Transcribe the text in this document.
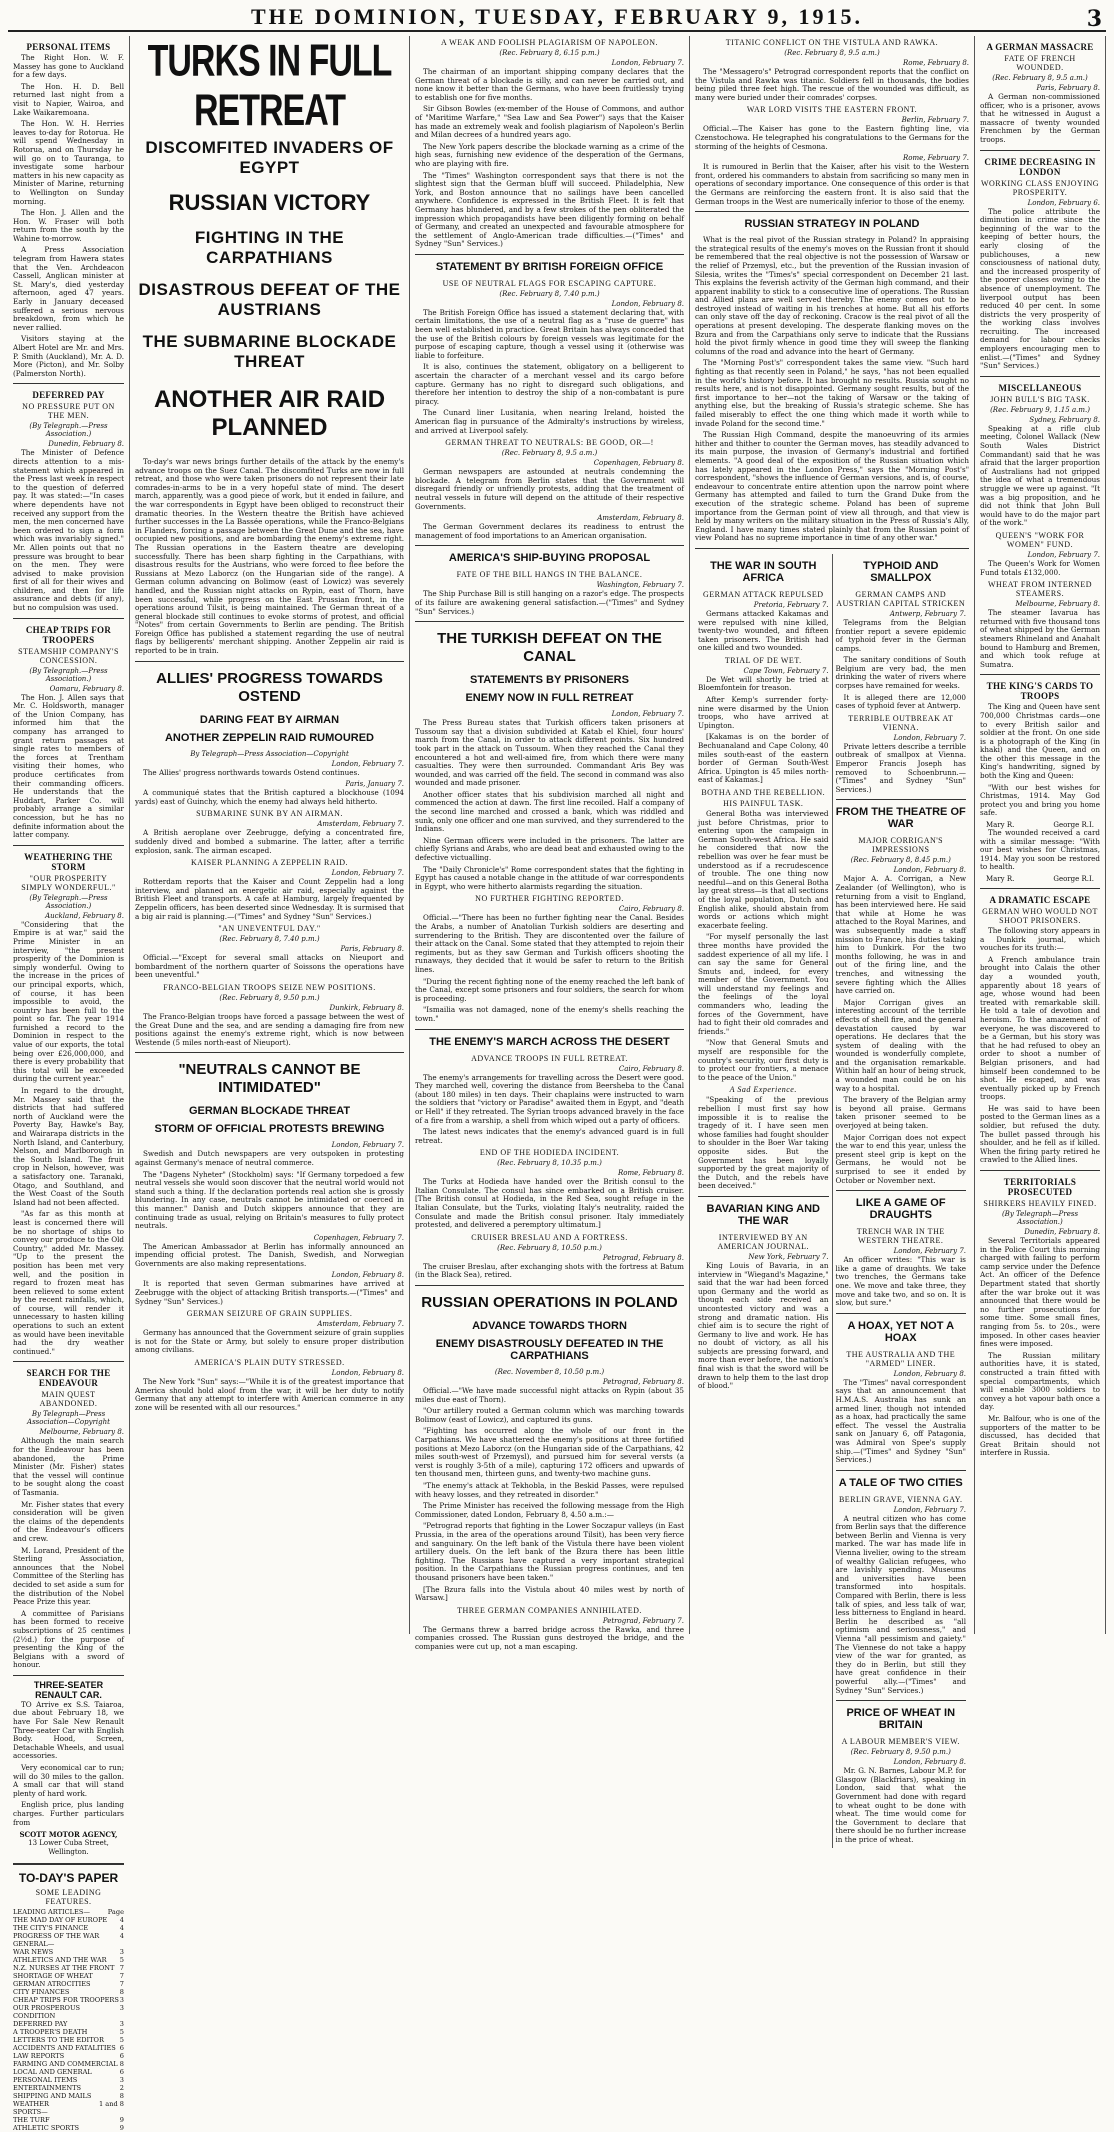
THE DOMINION, TUESDAY, FEBRUARY 9, 1915.	3
PERSONAL ITEMS

The Right Hon. W. F. Massey has gone to Auckland for a few days.

The Hon. H. D. Bell returned last night from a visit to Napier, Wairoa, and Lake Waikaremoana.

The Hon. W. H. Herries leaves to-day for Rotorua. He will spend Wednesday in Rotorua, and on Thursday he will go on to Tauranga, to investigate some harbour matters in his new capacity as Minister of Marine, returning to Wellington on Sunday morning.

The Hon. J. Allen and the Hon. W. Fraser will both return from the south by the Wahine to-morrow.

A Press Association telegram from Hawera states that the Ven. Archdeacon Cassell, Anglican minister at St. Mary's, died yesterday afternoon, aged 47 years. Early in January deceased suffered a serious nervous breakdown, from which he never rallied.

Visitors staying at the Albert Hotel are Mr. and Mrs. P. Smith (Auckland), Mr. A. D. More (Picton), and Mr. Solby (Palmerston North).

DEFERRED PAY
NO PRESSURE PUT ON THE MEN.
(By Telegraph.—Press Association.)
Dunedin, February 8.

The Minister of Defence directs attention to a mis-statement which appeared in the Press last week in respect to the question of deferred pay. It was stated:—"In cases where dependents have not received any support from the men, the men concerned have been ordered to sign a form which was invariably signed." Mr. Allen points out that no pressure was brought to bear on the men. They were advised to make provision first of all for their wives and children, and then for life assurance and debts (if any), but no compulsion was used.

CHEAP TRIPS FOR TROOPERS
STEAMSHIP COMPANY'S CONCESSION.
(By Telegraph.—Press Association.)
Oamaru, February 8.

The Hon. J. Allen says that Mr. C. Holdsworth, manager of the Union Company, has informed him that the company has arranged to grant return passages at single rates to members of the forces at Trentham visiting their homes, who produce certificates from their commanding officers. He understands that the Huddart, Parker Co. will probably arrange a similar concession, but he has no definite information about the latter company.

WEATHERING THE STORM
"OUR PROSPERITY SIMPLY WONDERFUL."
(By Telegraph.—Press Association.)
Auckland, February 8.

"Considering that the Empire is at war," said the Prime Minister in an interview, "the present prosperity of the Dominion is simply wonderful. Owing to the increase in the prices of our principal exports, which, of course, it has been impossible to avoid, the country has been full to the point so far. The year 1914 furnished a record to the Dominion in respect to the value of our exports, the total being over £26,000,000, and there is every probability that this total will be exceeded during the current year."

In regard to the drought, Mr. Massey said that the districts that had suffered north of Auckland were the Poverty Bay, Hawke's Bay, and Wairarapa districts in the North Island, and Canterbury, Nelson, and Marlborough in the South Island. The fruit crop in Nelson, however, was a satisfactory one. Taranaki, Otago, and Southland, and the West Coast of the South Island had not been affected.

"As far as this month at least is concerned there will be no shortage of ships to convey our produce to the Old Country," added Mr. Massey. "Up to the present the position has been met very well, and the position in regard to frozen meat has been relieved to some extent by the recent rainfalls, which, of course, will render it unnecessary to hasten killing operations to such an extent as would have been inevitable had the dry weather continued."

SEARCH FOR THE ENDEAVOUR
MAIN QUEST ABANDONED.
By Telegraph—Press Association—Copyright
Melbourne, February 8.

Although the main search for the Endeavour has been abandoned, the Prime Minister (Mr. Fisher) states that the vessel will continue to be sought along the coast of Tasmania.

Mr. Fisher states that every consideration will be given the claims of the dependents of the Endeavour's officers and crew.

M. Lorand, President of the Sterling Association, announces that the Nobel Committee of the Sterling has decided to set aside a sum for the distribution of the Nobel Peace Prize this year.

A committee of Parisians has been formed to receive subscriptions of 25 centimes (2½d.) for the purpose of presenting the King of the Belgians with a sword of honour.

THREE-SEATER RENAULT CAR.

TO Arrive ex S.S. Taiaroa, due about February 18, we have For Sale New Renault Three-seater Car with English Body. Hood, Screen, Detachable Wheels, and usual accessories.

Very economical car to run; will do 30 miles to the gallon. A small car that will stand plenty of hard work.

English price, plus landing charges. Further particulars from

SCOTT MOTOR AGENCY,
13 Lower Cuba Street,
Wellington.
TO-DAY'S PAPER
SOME LEADING FEATURES.
LEADING ARTICLES—	Page
THE MAD DAY OF EUROPE 4
THE CITY'S FINANCE	4
PROGRESS OF THE WAR	4
GENERAL—
WAR NEWS	3
ATHLETICS AND THE WAR 5
N.Z. NURSES AT THE FRONT 7
SHORTAGE OF WHEAT	7
GERMAN ATROCITIES	7
CITY FINANCES	8
CHEAP TRIPS FOR TROOPERS 3
OUR PROSPEROUS CONDITION
3
DEFERRED PAY	3
A TROOPER'S DEATH	5
LETTERS TO THE EDITOR 5
ACCIDENTS AND FATALITIES 6
LAW REPORTS	6
FARMING AND COMMERCIAL 8
LOCAL AND GENERAL	6
PERSONAL ITEMS	3
ENTERTAINMENTS	2
SHIPPING AND MAILS	8
WEATHER	1 and 8
SPORTS—
THE TURF	9
ATHLETIC SPORTS	9
TURKS IN FULL RETREAT
DISCOMFITED INVADERS OF EGYPT
RUSSIAN VICTORY
FIGHTING IN THE CARPATHIANS
DISASTROUS DEFEAT OF THE AUSTRIANS
THE SUBMARINE BLOCKADE THREAT
ANOTHER AIR RAID PLANNED

To-day's war news brings further details of the attack by the enemy's advance troops on the Suez Canal. The discomfited Turks are now in full retreat, and those who were taken prisoners do not represent their late comrades-in-arms to be in a very hopeful state of mind. The desert march, apparently, was a good piece of work, but it ended in failure, and the war correspondents in Egypt have been obliged to reconstruct their dramatic theories. In the Western theatre the British have achieved further successes in the La Bassée operations, while the Franco-Belgians in Flanders, forcing a passage between the Great Dune and the sea, have occupied new positions, and are bombarding the enemy's extreme right. The Russian operations in the Eastern theatre are developing successfully. There has been sharp fighting in the Carpathians, with disastrous results for the Austrians, who were forced to flee before the Russians at Mezo Laborcz (on the Hungarian side of the range). A German column advancing on Bolimow (east of Lowicz) was severely handled, and the Russian night attacks on Rypin, east of Thorn, have been successful, while progress on the East Prussian front, in the operations around Tilsit, is being maintained. The German threat of a general blockade still continues to evoke storms of protest, and official "Notes" from certain Governments to Berlin are pending. The British Foreign Office has published a statement regarding the use of neutral flags by belligerents' merchant shipping. Another Zeppelin air raid is reported to be in train.

ALLIES' PROGRESS TOWARDS OSTEND
DARING FEAT BY AIRMAN
ANOTHER ZEPPELIN RAID RUMOURED
By Telegraph—Press Association—Copyright
London, February 7.

The Allies' progress northwards towards Ostend continues.

Paris, January 7.

A communiqué states that the British captured a blockhouse (1094 yards) east of Guinchy, which the enemy had always held hitherto.

SUBMARINE SUNK BY AN AIRMAN.
Amsterdam, February 7.

A British aeroplane over Zeebrugge, defying a concentrated fire, suddenly dived and bombed a submarine. The latter, after a terrific explosion, sank. The airman escaped.

KAISER PLANNING A ZEPPELIN RAID.
London, February 7.

Rotterdam reports that the Kaiser and Count Zeppelin had a long interview, and planned an energetic air raid, especially against the British Fleet and transports. A cafe at Hamburg, largely frequented by Zeppelin officers, has been deserted since Wednesday. It is surmised that a big air raid is planning.—("Times" and Sydney "Sun" Services.)

"AN UNEVENTFUL DAY."
(Rec. February 8, 7.40 p.m.)
Paris, February 8.

Official.—"Except for several small attacks on Nieuport and bombardment of the northern quarter of Soissons the operations have been uneventful."

FRANCO-BELGIAN TROOPS SEIZE NEW POSITIONS.
(Rec. February 8, 9.50 p.m.)
Dunkirk, February 8.

The Franco-Belgian troops have forced a passage between the west of the Great Dune and the sea, and are sending a damaging fire from new positions against the enemy's extreme right, which is now between Westende (5 miles north-east of Nieuport).

"NEUTRALS CANNOT BE INTIMIDATED"
GERMAN BLOCKADE THREAT
STORM OF OFFICIAL PROTESTS BREWING
London, February 7.

Swedish and Dutch newspapers are very outspoken in protesting against Germany's menace of neutral commerce.

The "Dagens Nyheter" (Stockholm) says: "If Germany torpedoed a few neutral vessels she would soon discover that the neutral world would not stand such a thing. If the declaration portends real action she is grossly blundering. In any case, neutrals cannot be intimidated or coerced in this manner." Danish and Dutch skippers announce that they are continuing trade as usual, relying on Britain's measures to fully protect neutrals.

Copenhagen, February 7.

The American Ambassador at Berlin has informally announced an impending official protest. The Danish, Swedish, and Norwegian Governments are also making representations.

London, February 8.

It is reported that seven German submarines have arrived at Zeebrugge with the object of attacking British transports.—("Times" and Sydney "Sun" Services.)

GERMAN SEIZURE OF GRAIN SUPPLIES.
Amsterdam, February 7.

Germany has announced that the Government seizure of grain supplies is not for the State or Army, but solely to ensure proper distribution among civilians.

AMERICA'S PLAIN DUTY STRESSED.
London, February 8.

The New York "Sun" says:—"While it is of the greatest importance that America should hold aloof from the war, it will be her duty to notify Germany that any attempt to interfere with American commerce in any zone will be resented with all our resources."

A WEAK AND FOOLISH PLAGIARISM OF NAPOLEON.
(Rec. February 8, 6.15 p.m.)
London, February 7.

The chairman of an important shipping company declares that the German threat of a blockade is silly, and can never be carried out, and none know it better than the Germans, who have been fruitlessly trying to establish one for five months.

Sir Gibson Bowles (ex-member of the House of Commons, and author of "Maritime Warfare," "Sea Law and Sea Power") says that the Kaiser has made an extremely weak and foolish plagiarism of Napoleon's Berlin and Milan decrees of a hundred years ago.

The New York papers describe the blockade warning as a crime of the high seas, furnishing new evidence of the desperation of the Germans, who are playing with fire.

The "Times" Washington correspondent says that there is not the slightest sign that the German bluff will succeed. Philadelphia, New York, and Boston announce that no sailings have been cancelled anywhere. Confidence is expressed in the British Fleet. It is felt that Germany has blundered, and by a few strokes of the pen obliterated the impression which propagandists have been diligently forming on behalf of Germany, and created an unexpected and favourable atmosphere for the settlement of Anglo-American trade difficulties.—("Times" and Sydney "Sun" Services.)

STATEMENT BY BRITISH FOREIGN OFFICE
USE OF NEUTRAL FLAGS FOR ESCAPING CAPTURE.
(Rec. February 8, 7.40 p.m.)
London, February 8.

The British Foreign Office has issued a statement declaring that, with certain limitations, the use of a neutral flag as a "ruse de guerre" has been well established in practice. Great Britain has always conceded that the use of the British colours by foreign vessels was legitimate for the purpose of escaping capture, though a vessel using it (otherwise was liable to forfeiture.

It is also, continues the statement, obligatory on a belligerent to ascertain the character of a merchant vessel and its cargo before capture. Germany has no right to disregard such obligations, and therefore her intention to destroy the ship of a non-combatant is pure piracy.

The Cunard liner Lusitania, when nearing Ireland, hoisted the American flag in pursuance of the Admiralty's instructions by wireless, and arrived at Liverpool safely.

GERMAN THREAT TO NEUTRALS: BE GOOD, OR—!
(Rec. February 8, 9.5 a.m.)
Copenhagen, February 8.

German newspapers are astounded at neutrals condemning the blockade. A telegram from Berlin states that the Government will disregard friendly or unfriendly protests, adding that the treatment of neutral vessels in future will depend on the attitude of their respective Governments.

Amsterdam, February 8.

The German Government declares its readiness to entrust the management of food importations to an American organisation.

AMERICA'S SHIP-BUYING PROPOSAL
FATE OF THE BILL HANGS IN THE BALANCE.
Washington, February 7.

The Ship Purchase Bill is still hanging on a razor's edge. The prospects of its failure are awakening general satisfaction.—("Times" and Sydney "Sun" Services.)

THE TURKISH DEFEAT ON THE CANAL
STATEMENTS BY PRISONERS
ENEMY NOW IN FULL RETREAT
London, February 7.

The Press Bureau states that Turkish officers taken prisoners at Tussoum say that a division subdivided at Katab el Khiel, four hours' march from the Canal, in order to attack different points. Six hundred took part in the attack on Tussoum. When they reached the Canal they encountered a hot and well-aimed fire, from which there were many casualties. They were then surrounded. Commandant Aris Bey was wounded, and was carried off the field. The second in command was also wounded and made prisoner.

Another officer states that his subdivision marched all night and commenced the action at dawn. The first line recoiled. Half a company of the second line marched and crossed a bank, which was riddled and sunk, only one officer and one man survived, and they surrendered to the Indians.

Nine German officers were included in the prisoners. The latter are chiefly Syrians and Arabs, who are dead beat and exhausted owing to the defective victualling.

The "Daily Chronicle's" Rome correspondent states that the fighting in Egypt has caused a notable change in the attitude of war correspondents in Egypt, who were hitherto alarmists regarding the situation.

NO FURTHER FIGHTING REPORTED.
Cairo, February 8.

Official.—"There has been no further fighting near the Canal. Besides the Arabs, a number of Anatolian Turkish soldiers are deserting and surrendering to the British. They are discontented over the failure of their attack on the Canal. Some stated that they attempted to rejoin their regiments, but as they saw German and Turkish officers shooting the runaways, they decided that it would be safer to return to the British lines.

"During the recent fighting none of the enemy reached the left bank of the Canal, except some prisoners and four soldiers, the search for whom is proceeding.

"Ismailia was not damaged, none of the enemy's shells reaching the town."

THE ENEMY'S MARCH ACROSS THE DESERT
ADVANCE TROOPS IN FULL RETREAT.
Cairo, February 8.

The enemy's arrangements for travelling across the Desert were good. They marched well, covering the distance from Beersheba to the Canal (about 180 miles) in ten days. Their chaplains were instructed to warn the soldiers that "victory or Paradise" awaited them in Egypt, and "death or Hell" if they retreated. The Syrian troops advanced bravely in the face of a fire from a warship, a shell from which wiped out a party of officers.

The latest news indicates that the enemy's advanced guard is in full retreat.

END OF THE HODIEDA INCIDENT.
(Rec. February 8, 10.35 p.m.)
Rome, February 8.

The Turks at Hodieda have handed over the British consul to the Italian Consulate. The consul has since embarked on a British cruiser. [The British consul at Hodieda, in the Red Sea, sought refuge in the Italian Consulate, but the Turks, violating Italy's neutrality, raided the Consulate and made the British consul prisoner. Italy immediately protested, and delivered a peremptory ultimatum.]

CRUISER BRESLAU AND A FORTRESS.
(Rec. February 8, 10.50 p.m.)
Petrograd, February 8.

The cruiser Breslau, after exchanging shots with the fortress at Batum (in the Black Sea), retired.

RUSSIAN OPERATIONS IN POLAND
ADVANCE TOWARDS THORN
ENEMY DISASTROUSLY DEFEATED IN THE CARPATHIANS
(Rec. November 8, 10.50 p.m.)
Petrograd, February 8.

Official.—"We have made successful night attacks on Rypin (about 35 miles due east of Thorn).

"Our artillery routed a German column which was marching towards Bolimow (east of Lowicz), and captured its guns.

"Fighting has occurred along the whole of our front in the Carpathians. We have shattered the enemy's positions at three fortified positions at Mezo Laborcz (on the Hungarian side of the Carpathians, 42 miles south-west of Przemysl), and pursued him for several versts (a verst is roughly 3-5th of a mile), capturing 172 officers and upwards of ten thousand men, thirteen guns, and twenty-two machine guns.

"The enemy's attack at Tekhobla, in the Beskid Passes, were repulsed with heavy losses, and they retreated in disorder."

The Prime Minister has received the following message from the High Commissioner, dated London, February 8, 4.50 a.m.:—

"Petrograd reports that fighting in the Lower Soczapur valleys (in East Prussia, in the area of the operations around Tilsit), has been very fierce and sanguinary. On the left bank of the Vistula there have been violent artillery duels. On the left bank of the Bzura there has been little fighting. The Russians have captured a very important strategical position. In the Carpathians the Russian progress continues, and ten thousand prisoners have been taken."

[The Bzura falls into the Vistula about 40 miles west by north of Warsaw.]

THREE GERMAN COMPANIES ANNIHILATED.
Petrograd, February 7.

The Germans threw a barred bridge across the Rawka, and three companies crossed. The Russian guns destroyed the bridge, and the companies were cut up, not a man escaping.

TITANIC CONFLICT ON THE VISTULA AND RAWKA.
(Rec. February 8, 9.5 a.m.)
Rome, February 8.

The "Messagero's" Petrograd correspondent reports that the conflict on the Vistula and Rawka was titanic. Soldiers fell in thousands, the bodies being piled three feet high. The rescue of the wounded was difficult, as many were buried under their comrades' corpses.

WAR LORD VISITS THE EASTERN FRONT.
Berlin, February 7.

Official.—The Kaiser has gone to the Eastern fighting line, via Czenstochowa. He telegraphed his congratulations to the Germans for the storming of the heights of Cesmona.

Rome, February 7.

It is rumoured in Berlin that the Kaiser, after his visit to the Western front, ordered his commanders to abstain from sacrificing so many men in operations of secondary importance. One consequence of this order is that the Germans are reinforcing the eastern front. It is also said that the German troops in the West are numerically inferior to those of the enemy.

RUSSIAN STRATEGY IN POLAND

What is the real pivot of the Russian strategy in Poland? In appraising the strategical results of the enemy's moves on the Russian front it should be remembered that the real objective is not the possession of Warsaw or the relief of Przemysl, etc., but the prevention of the Russian invasion of Silesia, writes the "Times's" special correspondent on December 21 last. This explains the feverish activity of the German high command, and their apparent inability to stick to a consecutive line of operations. The Russian and Allied plans are well served thereby. The enemy comes out to be destroyed instead of waiting in his trenches at home. But all his efforts can only stave off the day of reckoning. Cracow is the real pivot of all the operations at present developing. The desperate flanking moves on the Bzura and from the Carpathians only serve to indicate that the Russians hold the pivot firmly whence in good time they will sweep the flanking columns of the road and advance into the heart of Germany.

The "Morning Post's" correspondent takes the same view. "Such hard fighting as that recently seen in Poland," he says, "has not been equalled in the world's history before. It has brought no results. Russia sought no results here, and is not disappointed. Germany sought results, but of the first importance to her—not the taking of Warsaw or the taking of anything else, but the breaking of Russia's strategic scheme. She has failed miserably to effect the one thing which made it worth while to invade Poland for the second time."

The Russian High Command, despite the manoeuvring of its armies hither and thither to counter the German moves, has steadily advanced to its main purpose, the invasion of Germany's industrial and fortified elements. "A good deal of the exposition of the Russian situation which has lately appeared in the London Press," says the "Morning Post's" correspondent, "shows the influence of German versions, and is, of course, endeavour to concentrate entire attention upon the narrow point where Germany has attempted and failed to turn the Grand Duke from the execution of the strategic scheme. Poland has been of supreme importance from the German point of view all through, and that view is held by many writers on the military situation in the Press of Russia's Ally, England. I have many times stated plainly that from the Russian point of view Poland has no supreme importance in time of any other war."

THE WAR IN SOUTH AFRICA
GERMAN ATTACK REPULSED
Pretoria, February 7.

Germans attacked Kakamas and were repulsed with nine killed, twenty-two wounded, and fifteen taken prisoners. The British had one killed and two wounded.

TRIAL OF DE WET.
Cape Town, February 7.

De Wet will shortly be tried at Bloemfontein for treason.

After Kemp's surrender forty-nine were disarmed by the Union troops, who have arrived at Upington.

[Kakamas is on the border of Bechuanaland and Cape Colony, 40 miles south-east of the eastern border of German South-West Africa. Upington is 45 miles north-east of Kakamas.]

BOTHA AND THE REBELLION.
HIS PAINFUL TASK.

General Botha was interviewed just before Christmas, prior to entering upon the campaign in German South-west Africa. He said he considered that now the rebellion was over he fear must be understood as if a recrudescence of trouble. The one thing now needful—and on this General Botha lay great stress—is that all sections of the loyal population, Dutch and English alike, should abstain from words or actions which might exacerbate feeling.

"For myself personally the last three months have provided the saddest experience of all my life. I can say the same for General Smuts and, indeed, for every member of the Government. You will understand my feelings and the feelings of the loyal commanders who, leading the forces of the Government, have had to fight their old comrades and friends."

"Now that General Smuts and myself are responsible for the country's security, our first duty is to protect our frontiers, a menace to the peace of the Union."

A Sad Experience.

"Speaking of the previous rebellion I must first say how impossible it is to realise the tragedy of it. I have seen men whose families had fought shoulder to shoulder in the Boer War taking opposite sides. But the Government has been loyally supported by the great majority of the Dutch, and the rebels have been deceived."

BAVARIAN KING AND THE WAR
INTERVIEWED BY AN AMERICAN JOURNAL.
New York, February 7.

King Louis of Bavaria, in an interview in "Wiegand's Magazine," said that the war had been forced upon Germany and the world as though each side received an uncontested victory and was a strong and dramatic nation. His chief aim is to secure the right of Germany to live and work. He has no doubt of victory, as all his subjects are pressing forward, and more than ever before, the nation's final wish is that the sword will be drawn to help them to the last drop of blood."

TYPHOID AND SMALLPOX
GERMAN CAMPS AND AUSTRIAN CAPITAL STRICKEN
Antwerp, February 7.

Telegrams from the Belgian frontier report a severe epidemic of typhoid fever in the German camps.

The sanitary conditions of South Belgium are very bad, the men drinking the water of rivers where corpses have remained for weeks.

It is alleged there are 12,000 cases of typhoid fever at Antwerp.

TERRIBLE OUTBREAK AT VIENNA.
London, February 7.

Private letters describe a terrible outbreak of smallpox at Vienna. Emperor Francis Joseph has removed to Schoenbrunn.—("Times" and Sydney "Sun" Services.)

FROM THE THEATRE OF WAR
MAJOR CORRIGAN'S IMPRESSIONS
(Rec. February 8, 8.45 p.m.)
London, February 8.

Major A. A. Corrigan, a New Zealander (of Wellington), who is returning from a visit to England, has been interviewed here. He said that while at Home he was attached to the Royal Marines, and was subsequently made a staff mission to France, his duties taking him to Dunkirk. For the two months following, he was in and out of the firing line, and the trenches, and witnessing the severe fighting which the Allies have carried on.

Major Corrigan gives an interesting account of the terrible effects of shell fire, and the general devastation caused by war operations. He declares that the system of dealing with the wounded is wonderfully complete, and the organisation remarkable. Within half an hour of being struck, a wounded man could be on his way to a hospital.

The bravery of the Belgian army is beyond all praise. Germans taken prisoner seemed to be overjoyed at being taken.

Major Corrigan does not expect the war to end this year, unless the present steel grip is kept on the Germans, he would not be surprised to see it ended by October or November next.

LIKE A GAME OF DRAUGHTS
TRENCH WAR IN THE WESTERN THEATRE.
London, February 7.

An officer writes: "This war is like a game of draughts. We take two trenches, the Germans take one. We move and take three, they move and take two, and so on. It is slow, but sure."

A HOAX, YET NOT A HOAX
THE AUSTRALIA AND THE "ARMED" LINER.
London, February 8.

The "Times" naval correspondent says that an announcement that H.M.A.S. Australia has sunk an armed liner, though not intended as a hoax, had practically the same effect. The vessel the Australia sank on January 6, off Patagonia, was Admiral von Spee's supply ship.—("Times" and Sydney "Sun" Services.)

A TALE OF TWO CITIES
BERLIN GRAVE, VIENNA GAY.
London, February 7.

A neutral citizen who has come from Berlin says that the difference between Berlin and Vienna is very marked. The war has made life in Vienna livelier, owing to the stream of wealthy Galician refugees, who are lavishly spending. Museums and universities have been transformed into hospitals. Compared with Berlin, there is less talk of spies, and less talk of war, less bitterness to England in heard. Berlin he described as "all optimism and seriousness," and Vienna "all pessimism and gaiety." The Viennese do not take a happy view of the war for granted, as they do in Berlin, but still they have great confidence in their powerful ally.—("Times" and Sydney "Sun" Services.)

PRICE OF WHEAT IN BRITAIN
A LABOUR MEMBER'S VIEW.
(Rec. February 8, 9.50 p.m.)
London, February 8.

Mr. G. N. Barnes, Labour M.P. for Glasgow (Blackfriars), speaking in London, said that what the Government had done with regard to wheat ought to be done with wheat. The time would come for the Government to declare that there should be no further increase in the price of wheat.

A GERMAN MASSACRE
FATE OF FRENCH WOUNDED.
(Rec. February 8, 9.5 a.m.)
Paris, February 8.

A German non-commissioned officer, who is a prisoner, avows that he witnessed in August a massacre of twenty wounded Frenchmen by the German troops.

CRIME DECREASING IN LONDON
WORKING CLASS ENJOYING PROSPERITY.
London, February 6.

The police attribute the diminution in crime since the beginning of the war to the keeping of better hours, the early closing of the publichouses, a new consciousness of national duty, and the increased prosperity of the poorer classes owing to the absence of unemployment. The liverpool output has been reduced 40 per cent. In some districts the very prosperity of the working class involves recruiting. The increased demand for labour checks employers encouraging men to enlist.—("Times" and Sydney "Sun" Services.)

MISCELLANEOUS
JOHN BULL'S BIG TASK.
(Rec. February 9, 1.15 a.m.)
Sydney, February 8.

Speaking at a rifle club meeting, Colonel Wallack (New South Wales District Commandant) said that he was afraid that the larger proportion of Australians had not gripped the idea of what a tremendous struggle we were up against. "It was a big proposition, and he did not think that John Bull would have to do the major part of the work."

QUEEN'S "WORK FOR WOMEN" FUND.
London, February 7.

The Queen's Work for Women Fund totals £132,000.

WHEAT FROM INTERNED STEAMERS.
Melbourne, February 8.

The steamer Iavarua has returned with five thousand tons of wheat shipped by the German steamers Rhineland and Anahalt bound to Hamburg and Bremen, and which took refuge at Sumatra.

THE KING'S CARDS TO TROOPS

The King and Queen have sent 700,000 Christmas cards—one to every British sailor and soldier at the front. On one side is a photograph of the King (in khaki) and the Queen, and on the other this message in the King's handwriting, signed by both the King and Queen:

"With our best wishes for Christmas, 1914. May God protect you and bring you home safe.

Mary R.	George R.I.

The wounded received a card with a similar message: "With our best wishes for Christmas, 1914. May you soon be restored to health.

Mary R.	George R.I.
A DRAMATIC ESCAPE
GERMAN WHO WOULD NOT SHOOT PRISONERS.

The following story appears in a Dunkirk journal, which vouches for its truth:—

A French ambulance train brought into Calais the other day a wounded youth, apparently about 18 years of age, whose wound had been treated with remarkable skill. He told a tale of devotion and heroism. To the amazement of everyone, he was discovered to be a German, but his story was that he had refused to obey an order to shoot a number of Belgian prisoners, and had himself been condemned to be shot. He escaped, and was eventually picked up by French troops.

He was said to have been posted to the German lines as a soldier, but refused the duty. The bullet passed through his shoulder, and he fell as if killed. When the firing party retired he crawled to the Allied lines.

TERRITORIALS PROSECUTED
SHIRKERS HEAVILY FINED.
(By Telegraph—Press Association.)
Dunedin, February 8.

Several Territorials appeared in the Police Court this morning charged with failing to perform camp service under the Defence Act. An officer of the Defence Department stated that shortly after the war broke out it was announced that there would be no further prosecutions for some time. Some small fines, ranging from 5s. to 20s., were imposed. In other cases heavier fines were imposed.

The Russian military authorities have, it is stated, constructed a train fitted with special compartments, which will enable 3000 soldiers to convey a hot vapour bath once a day.

Mr. Balfour, who is one of the supporters of the matter to be discussed, has decided that Great Britain should not interfere in Russia.
